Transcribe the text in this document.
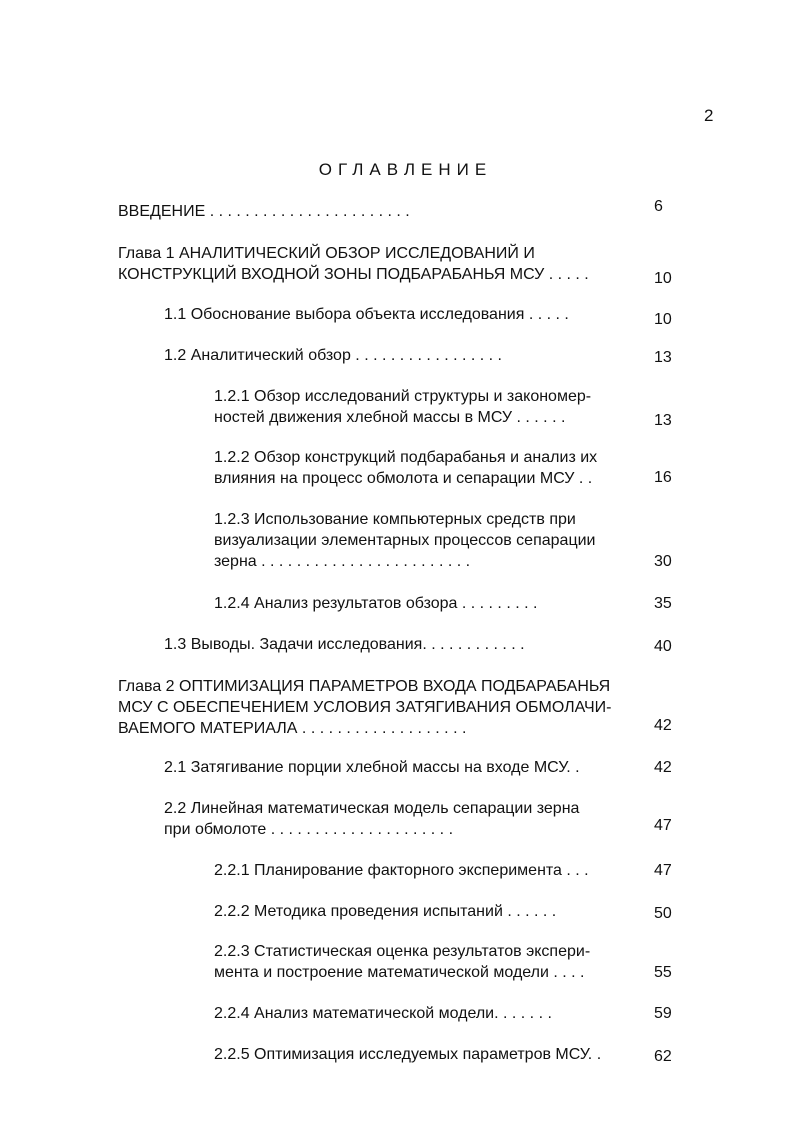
2
ОГЛАВЛЕНИЕ
ВВЕДЕНИЕ . . . . . . . . . . . . . . . . . . . . . . .	6
Глава 1 АНАЛИТИЧЕСКИЙ ОБЗОР ИССЛЕДОВАНИЙ И
КОНСТРУКЦИЙ ВХОДНОЙ ЗОНЫ ПОДБАРАБАНЬЯ МСУ . . . . .	10
1.1 Обоснование выбора объекта исследования . . . . .	10
1.2 Аналитический обзор . . . . . . . . . . . . . . . . .	13
1.2.1 Обзор исследований структуры и закономер-
ностей движения хлебной массы в МСУ . . . . . .	13
1.2.2 Обзор конструкций подбарабанья и анализ их
влияния на процесс обмолота и сепарации МСУ . .	16
1.2.3 Использование компьютерных средств при
визуализации элементарных процессов сепарации
зерна . . . . . . . . . . . . . . . . . . . . . . . .	30
1.2.4 Анализ результатов обзора . . . . . . . . .	35
1.3 Выводы. Задачи исследования. . . . . . . . . . . .	40
Глава 2 ОПТИМИЗАЦИЯ ПАРАМЕТРОВ ВХОДА ПОДБАРАБАНЬЯ
МСУ С ОБЕСПЕЧЕНИЕМ УСЛОВИЯ ЗАТЯГИВАНИЯ ОБМОЛАЧИ-
ВАЕМОГО МАТЕРИАЛА . . . . . . . . . . . . . . . . . . .	42
2.1 Затягивание порции хлебной массы на входе МСУ. .	42
2.2 Линейная математическая модель сепарации зерна
при обмолоте . . . . . . . . . . . . . . . . . . . . .	47
2.2.1 Планирование факторного эксперимента . . .	47
2.2.2 Методика проведения испытаний . . . . . .	50
2.2.3 Статистическая оценка результатов экспери-
мента и построение математической модели . . . .	55
2.2.4 Анализ математической модели. . . . . . .	59
2.2.5 Оптимизация исследуемых параметров МСУ. .	62
